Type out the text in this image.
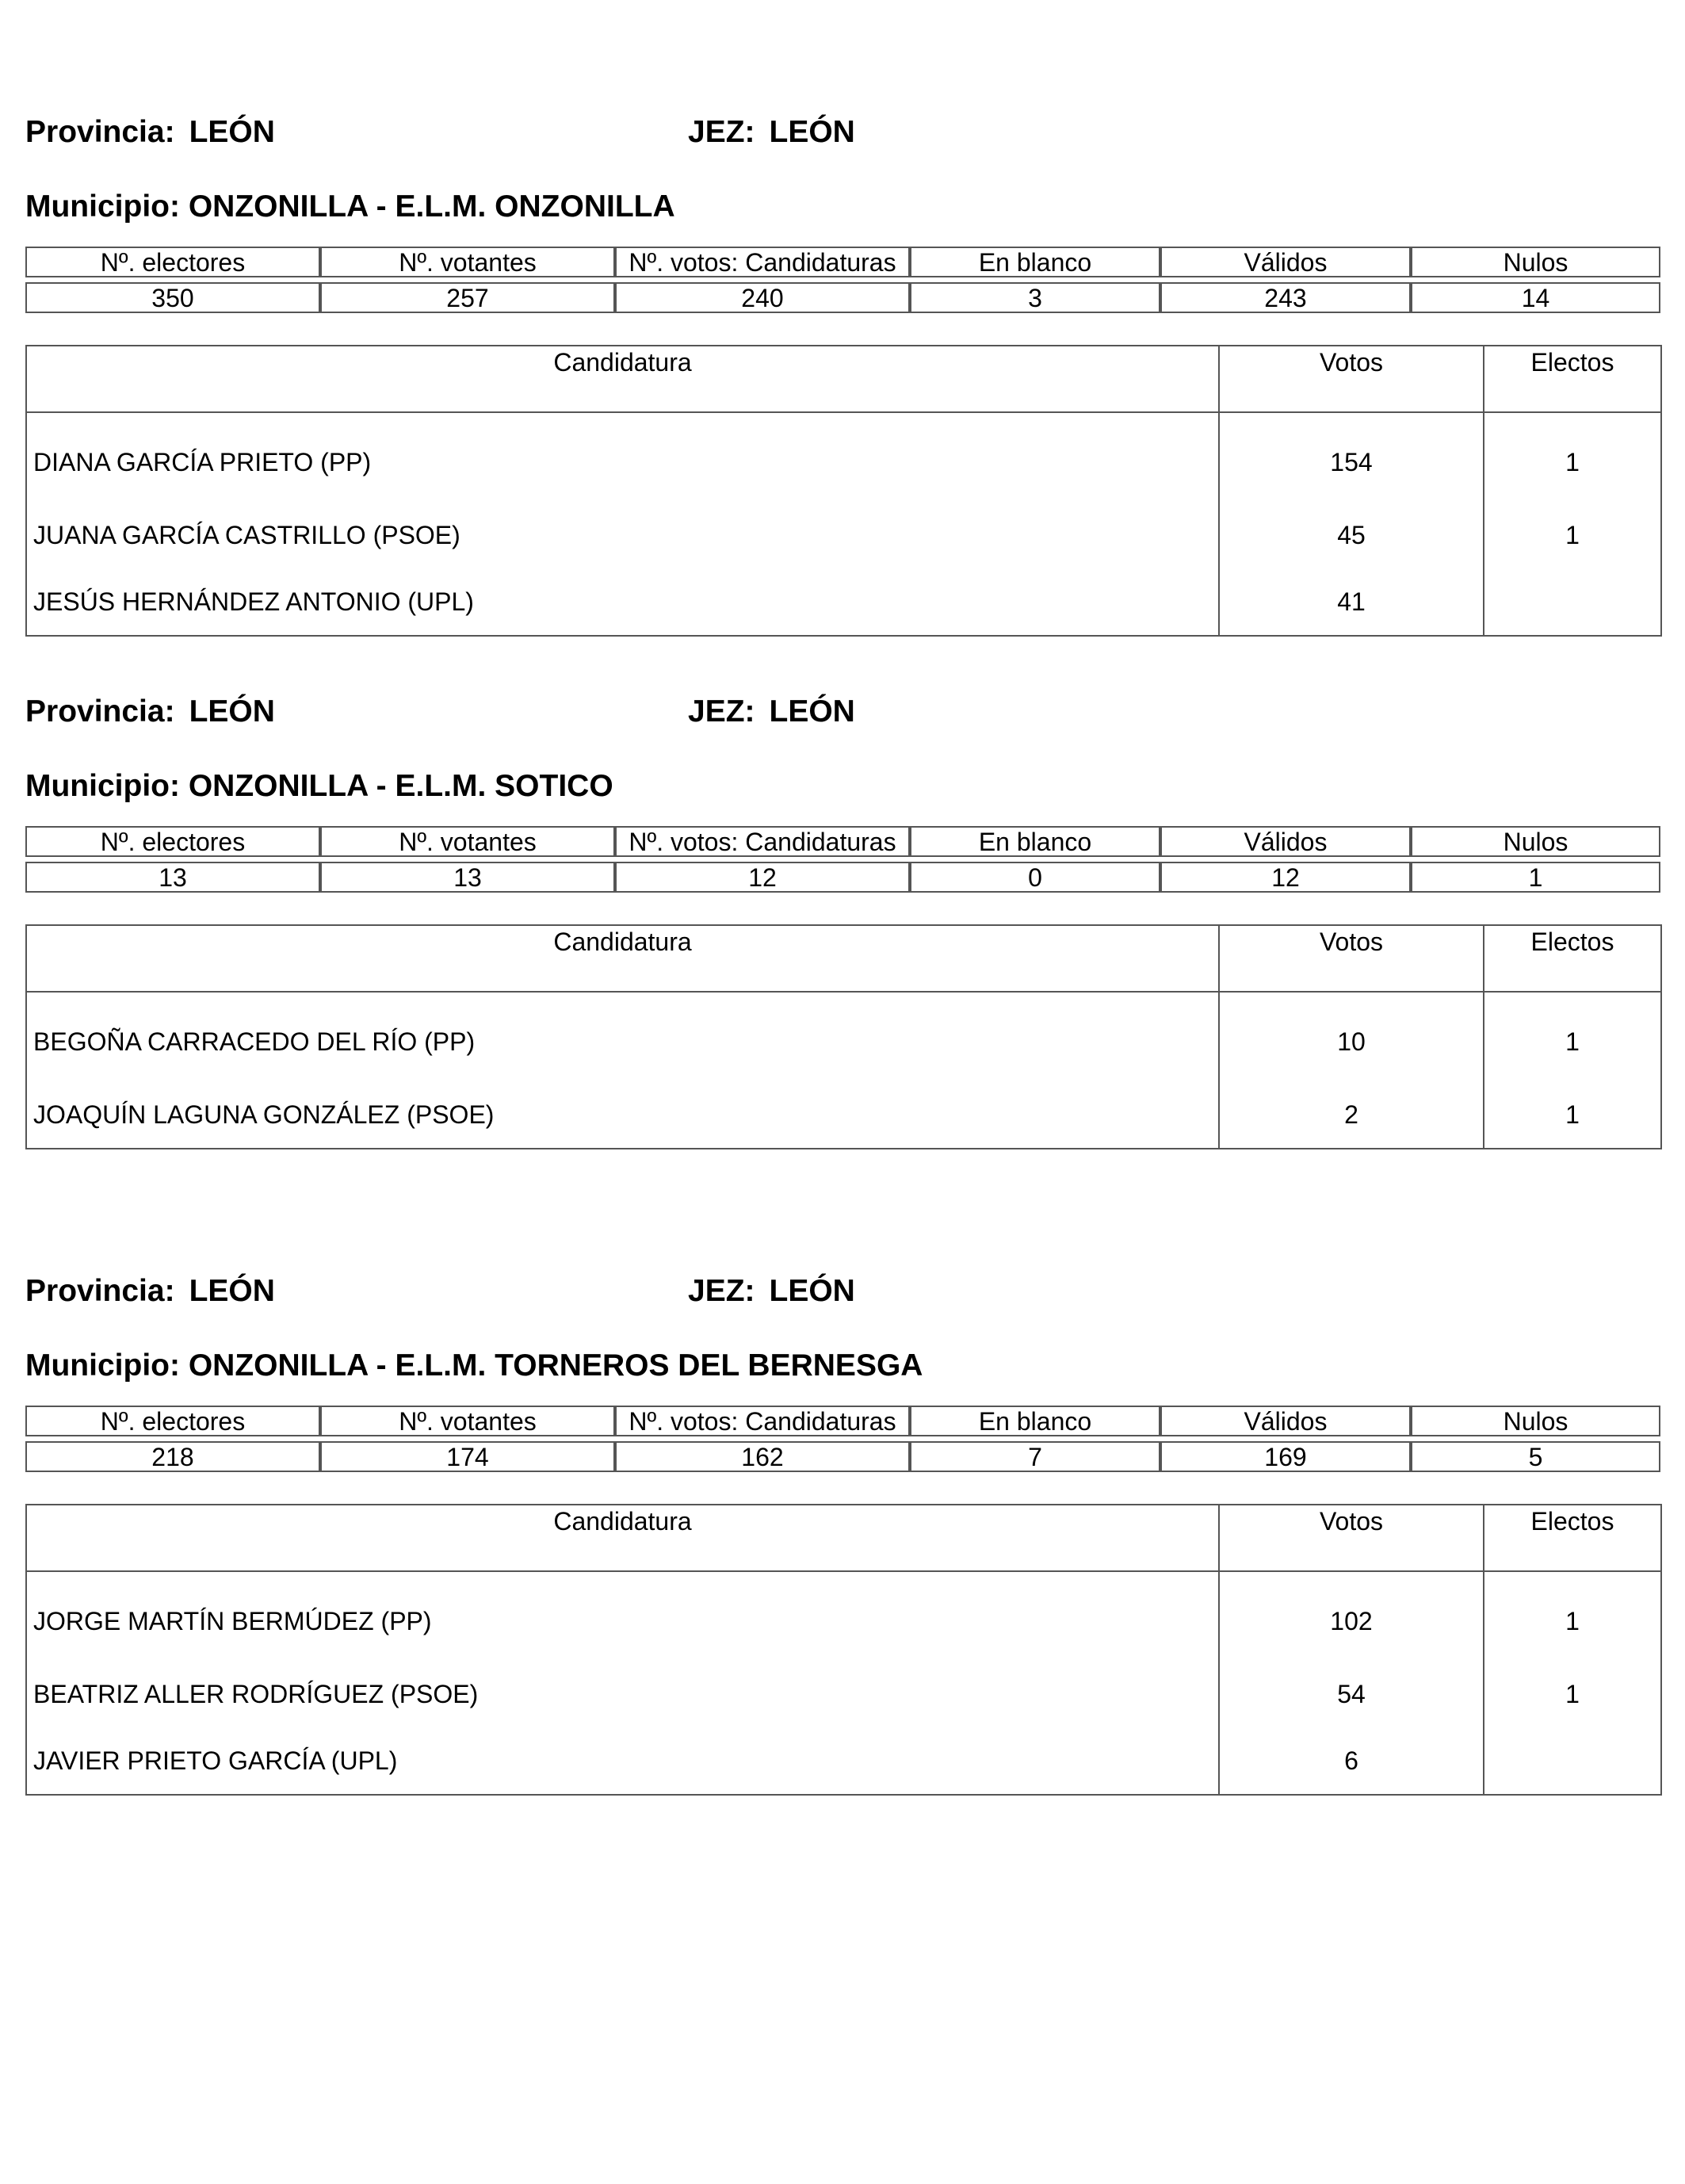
Provincia: LEÓN	JEZ: LEÓN
Municipio: ONZONILLA - E.L.M. ONZONILLA
Nº. electores	Nº. votantes	Nº. votos: Candidaturas	En blanco	Válidos	Nulos

350	257	240	3	243	14
Candidatura	Votos	Electos
DIANA GARCÍA PRIETO (PP)	154	1
JUANA GARCÍA CASTRILLO (PSOE)	45	1
JESÚS HERNÁNDEZ ANTONIO (UPL)	41	
Provincia: LEÓN	JEZ: LEÓN
Municipio: ONZONILLA - E.L.M. SOTICO
Nº. electores	Nº. votantes	Nº. votos: Candidaturas	En blanco	Válidos	Nulos

13	13	12	0	12	1
Candidatura	Votos	Electos
BEGOÑA CARRACEDO DEL RÍO (PP)	10	1
JOAQUÍN LAGUNA GONZÁLEZ (PSOE)	2	1
Provincia: LEÓN	JEZ: LEÓN
Municipio: ONZONILLA - E.L.M. TORNEROS DEL BERNESGA
Nº. electores	Nº. votantes	Nº. votos: Candidaturas	En blanco	Válidos	Nulos

218	174	162	7	169	5
Candidatura	Votos	Electos
JORGE MARTÍN BERMÚDEZ (PP)	102	1
BEATRIZ ALLER RODRÍGUEZ (PSOE)	54	1
JAVIER PRIETO GARCÍA (UPL)	6	
